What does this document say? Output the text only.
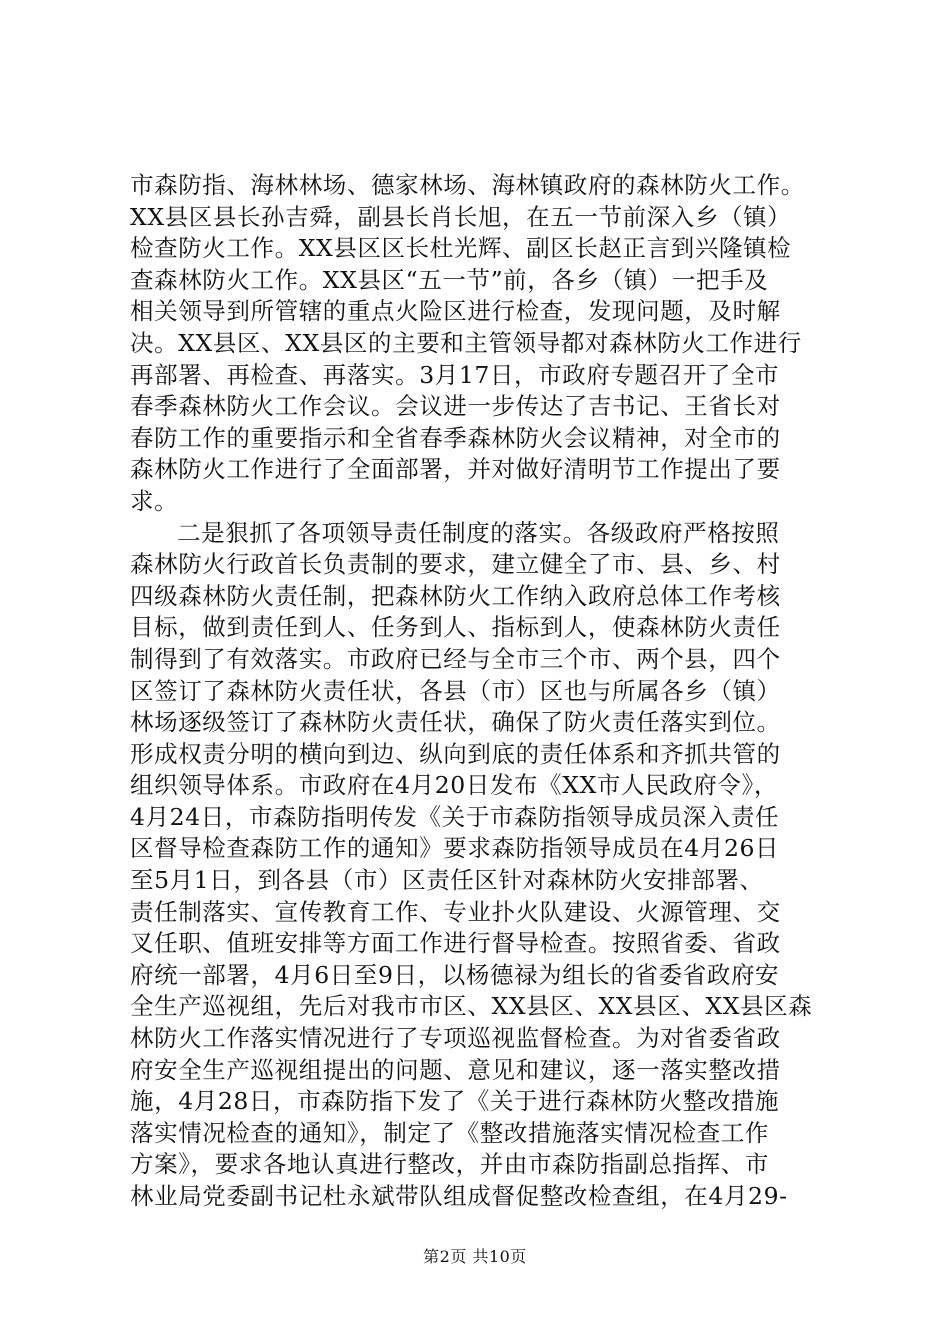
市森防指、海林林场、德家林场、海林镇政府的森林防火工作。
XX县区县长孙吉舜，副县长肖长旭，在五一节前深入乡（镇）
检查防火工作。XX县区区长杜光辉、副区长赵正言到兴隆镇检
查森林防火工作。XX县区“五一节”前，各乡（镇）一把手及
相关领导到所管辖的重点火险区进行检查，发现问题，及时解
决。XX县区、XX县区的主要和主管领导都对森林防火工作进行
再部署、再检查、再落实。3月17日，市政府专题召开了全市
春季森林防火工作会议。会议进一步传达了吉书记、王省长对
春防工作的重要指示和全省春季森林防火会议精神，对全市的
森林防火工作进行了全面部署，并对做好清明节工作提出了要
求。
二是狠抓了各项领导责任制度的落实。各级政府严格按照
森林防火行政首长负责制的要求，建立健全了市、县、乡、村
四级森林防火责任制，把森林防火工作纳入政府总体工作考核
目标，做到责任到人、任务到人、指标到人，使森林防火责任
制得到了有效落实。市政府已经与全市三个市、两个县，四个
区签订了森林防火责任状，各县（市）区也与所属各乡（镇）
林场逐级签订了森林防火责任状，确保了防火责任落实到位。
形成权责分明的横向到边、纵向到底的责任体系和齐抓共管的
组织领导体系。市政府在4月20日发布《XX市人民政府令》，
4月24日，市森防指明传发《关于市森防指领导成员深入责任
区督导检查森防工作的通知》要求森防指领导成员在4月26日
至5月1日，到各县（市）区责任区针对森林防火安排部署、
责任制落实、宣传教育工作、专业扑火队建设、火源管理、交
叉任职、值班安排等方面工作进行督导检查。按照省委、省政
府统一部署，4月6日至9日，以杨德禄为组长的省委省政府安
全生产巡视组，先后对我市市区、XX县区、XX县区、XX县区森
林防火工作落实情况进行了专项巡视监督检查。为对省委省政
府安全生产巡视组提出的问题、意见和建议，逐一落实整改措
施，4月28日，市森防指下发了《关于进行森林防火整改措施
落实情况检查的通知》，制定了《整改措施落实情况检查工作
方案》，要求各地认真进行整改，并由市森防指副总指挥、市
林业局党委副书记杜永斌带队组成督促整改检查组，在4月29-
第2页 共10页
